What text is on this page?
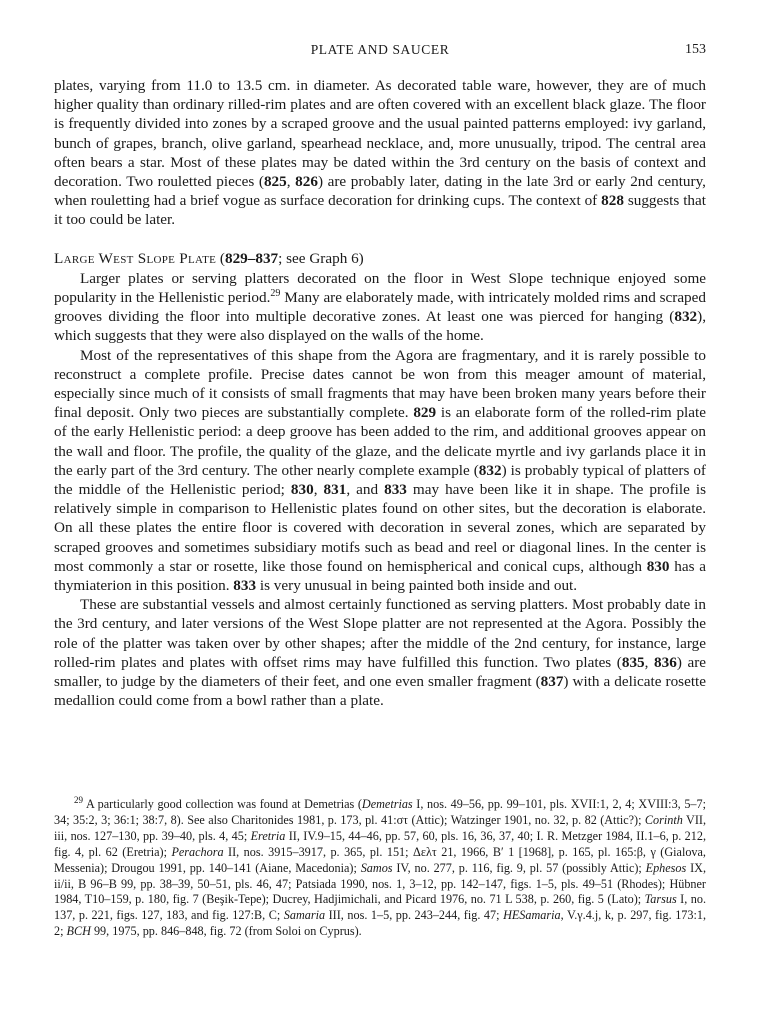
PLATE AND SAUCER	153

plates, varying from 11.0 to 13.5 cm. in diameter. As decorated table ware, however, they are of much higher quality than ordinary rilled-rim plates and are often covered with an excellent black glaze. The floor is frequently divided into zones by a scraped groove and the usual painted patterns employed: ivy garland, bunch of grapes, branch, olive garland, spearhead necklace, and, more unusually, tripod. The central area often bears a star. Most of these plates may be dated within the 3rd century on the basis of context and decoration. Two rouletted pieces (825, 826) are probably later, dating in the late 3rd or early 2nd century, when rouletting had a brief vogue as surface decoration for drinking cups. The context of 828 suggests that it too could be later.

Large West Slope Plate (829–837; see Graph 6)

Larger plates or serving platters decorated on the floor in West Slope technique enjoyed some popularity in the Hellenistic period.$^{29}$ Many are elaborately made, with intricately molded rims and scraped grooves dividing the floor into multiple decorative zones. At least one was pierced for hanging (832), which suggests that they were also displayed on the walls of the home.

Most of the representatives of this shape from the Agora are fragmentary, and it is rarely possible to reconstruct a complete profile. Precise dates cannot be won from this meager amount of material, especially since much of it consists of small fragments that may have been broken many years before their final deposit. Only two pieces are substantially complete. 829 is an elaborate form of the rolled-rim plate of the early Hellenistic period: a deep groove has been added to the rim, and additional grooves appear on the wall and floor. The profile, the quality of the glaze, and the delicate myrtle and ivy garlands place it in the early part of the 3rd century. The other nearly complete example (832) is probably typical of platters of the middle of the Hellenistic period; 830, 831, and 833 may have been like it in shape. The profile is relatively simple in comparison to Hellenistic plates found on other sites, but the decoration is elaborate. On all these plates the entire floor is covered with decoration in several zones, which are separated by scraped grooves and sometimes subsidiary motifs such as bead and reel or diagonal lines. In the center is most commonly a star or rosette, like those found on hemispherical and conical cups, although 830 has a thymiaterion in this position. 833 is very unusual in being painted both inside and out.

These are substantial vessels and almost certainly functioned as serving platters. Most probably date in the 3rd century, and later versions of the West Slope platter are not represented at the Agora. Possibly the role of the platter was taken over by other shapes; after the middle of the 2nd century, for instance, large rolled-rim plates and plates with offset rims may have fulfilled this function. Two plates (835, 836) are smaller, to judge by the diameters of their feet, and one even smaller fragment (837) with a delicate rosette medallion could come from a bowl rather than a plate.

$^{29}$ A particularly good collection was found at Demetrias (Demetrias I, nos. 49–56, pp. 99–101, pls. XVII:1, 2, 4; XVIII:3, 5–7; 34; 35:2, 3; 36:1; 38:7, 8). See also Charitonides 1981, p. 173, pl. 41:στ (Attic); Watzinger 1901, no. 32, p. 82 (Attic?); Corinth VII, iii, nos. 127–130, pp. 39–40, pls. 4, 45; Eretria II, IV.9–15, 44–46, pp. 57, 60, pls. 16, 36, 37, 40; I. R. Metzger 1984, II.1–6, p. 212, fig. 4, pl. 62 (Eretria); Perachora II, nos. 3915–3917, p. 365, pl. 151; Δελτ 21, 1966, Β′ 1 [1968], p. 165, pl. 165:β, γ (Gialova, Messenia); Drougou 1991, pp. 140–141 (Aiane, Macedonia); Samos IV, no. 277, p. 116, fig. 9, pl. 57 (possibly Attic); Ephesos IX, ii/ii, B 96–B 99, pp. 38–39, 50–51, pls. 46, 47; Patsiada 1990, nos. 1, 3–12, pp. 142–147, figs. 1–5, pls. 49–51 (Rhodes); Hübner 1984, T10–159, p. 180, fig. 7 (Beşik-Tepe); Ducrey, Hadjimichali, and Picard 1976, no. 71 L 538, p. 260, fig. 5 (Lato); Tarsus I, no. 137, p. 221, figs. 127, 183, and fig. 127:B, C; Samaria III, nos. 1–5, pp. 243–244, fig. 47; HESamaria, V.γ.4.j, k, p. 297, fig. 173:1, 2; BCH 99, 1975, pp. 846–848, fig. 72 (from Soloi on Cyprus).
